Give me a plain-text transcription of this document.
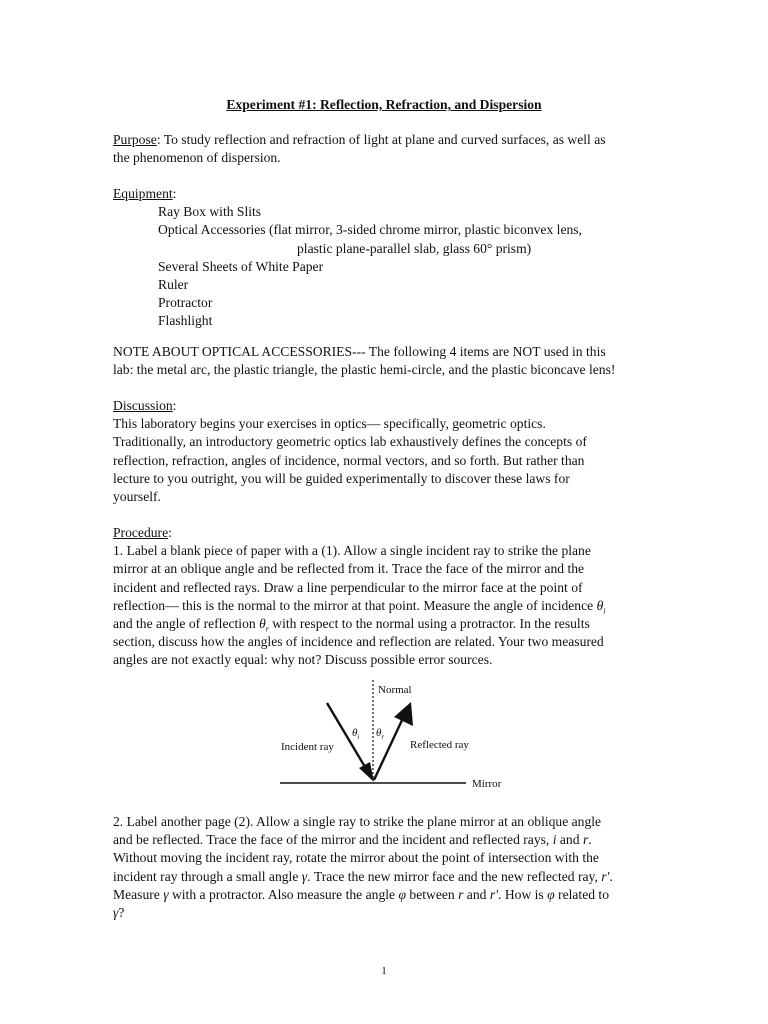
Experiment #1: Reflection, Refraction, and Dispersion
Purpose: To study reflection and refraction of light at plane and curved surfaces, as well as
the phenomenon of dispersion.
Equipment:
Ray Box with Slits
Optical Accessories (flat mirror, 3-sided chrome mirror, plastic biconvex lens,
plastic plane-parallel slab, glass 60° prism)
Several Sheets of White Paper
Ruler
Protractor
Flashlight
NOTE ABOUT OPTICAL ACCESSORIES--- The following 4 items are NOT used in this
lab: the metal arc, the plastic triangle, the plastic hemi-circle, and the plastic biconcave lens!
Discussion:
This laboratory begins your exercises in optics— specifically, geometric optics.
Traditionally, an introductory geometric optics lab exhaustively defines the concepts of
reflection, refraction, angles of incidence, normal vectors, and so forth. But rather than
lecture to you outright, you will be guided experimentally to discover these laws for
yourself.
Procedure:
1. Label a blank piece of paper with a (1). Allow a single incident ray to strike the plane
mirror at an oblique angle and be reflected from it. Trace the face of the mirror and the
incident and reflected rays. Draw a line perpendicular to the mirror face at the point of
reflection— this is the normal to the mirror at that point. Measure the angle of incidence $\theta_i$
and the angle of reflection $\theta_r$ with respect to the normal using a protractor. In the results
section, discuss how the angles of incidence and reflection are related. Your two measured
angles are not exactly equal: why not? Discuss possible error sources.
Normal
Incident ray	Reflected ray
Mirror
$\theta_i$ $\theta_r$
2. Label another page (2). Allow a single ray to strike the plane mirror at an oblique angle
and be reflected. Trace the face of the mirror and the incident and reflected rays, i and r.
Without moving the incident ray, rotate the mirror about the point of intersection with the
incident ray through a small angle γ. Trace the new mirror face and the new reflected ray, r'.
Measure γ with a protractor. Also measure the angle φ between r and r'. How is φ related to
γ?
1
